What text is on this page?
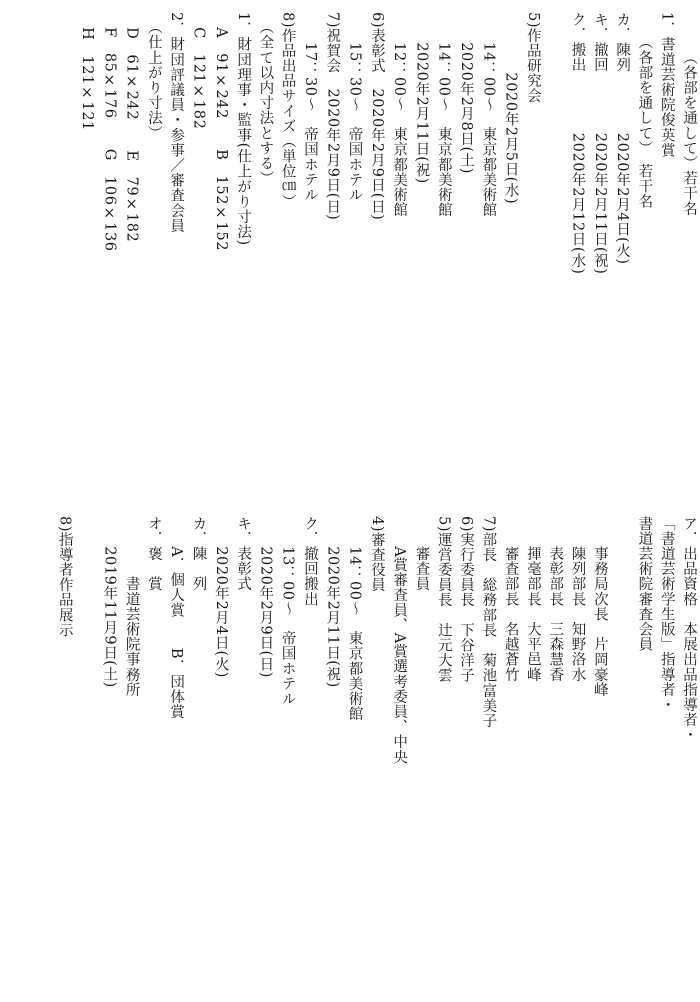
　　　（各部を通して）若干名
1．書道芸術院俊英賞
　　（各部を通して）　若干名
カ．陳列　　　　2020年2月4日(火)
キ．撤回　　　　2020年2月11日(祝)
ク．搬出　　　　2020年2月12日(水)
5)作品研究会
　　　　2020年2月5日(水)
　　14：00〜　東京都美術館
　　2020年2月8日(土)
　　14：00〜　東京都美術館
　　2020年2月11日(祝)
　　12：00〜　東京都美術館
6)表彰式　2020年2月9日(日)
　　15：30〜　帝国ホテル
7)祝賀会　2020年2月9日(日)
　　17：30〜　帝国ホテル
8)作品出品サイズ（単位㎝）
　（全て以内寸法とする）
1．財団理事・監事(仕上がり寸法)
　A　91×242　　B　152×152
　C　121×182
2．財団評議員・参事／審査会員
　（仕上がり寸法）
　D　61×242　　E　79×182
　F　85×176　　G　106×136
　H　121×121
ア．出品資格　本展出品指導者・
「書道芸術学生版」指導者・
書道芸術院審査会員
　　事務局次長　片岡豪峰
　　陳列部長　知野洛水
　　表彰部長　三森慧香
　　揮毫部長　大平邑峰
　　審査部長　名越蒼竹
7)部長　総務部長　菊池富美子
6)実行委員長　下谷洋子
5)運営委員長　辻元大雲
　　審査員
　　A賞審査員、A賞選考委員、中央
4)審査役員
　　14：00〜　東京都美術館
　　2020年2月11日(祝)
ク．撤回搬出
　　13：00〜　帝国ホテル
　　2020年2月9日(日)
キ．表彰式
　　2020年2月4日(火)
カ．陳　列
　　A．個人賞　　B．団体賞
オ．褒　賞
　　　　書道芸術院事務所
　　2019年11月9日(土)
8)指導者作品展示
